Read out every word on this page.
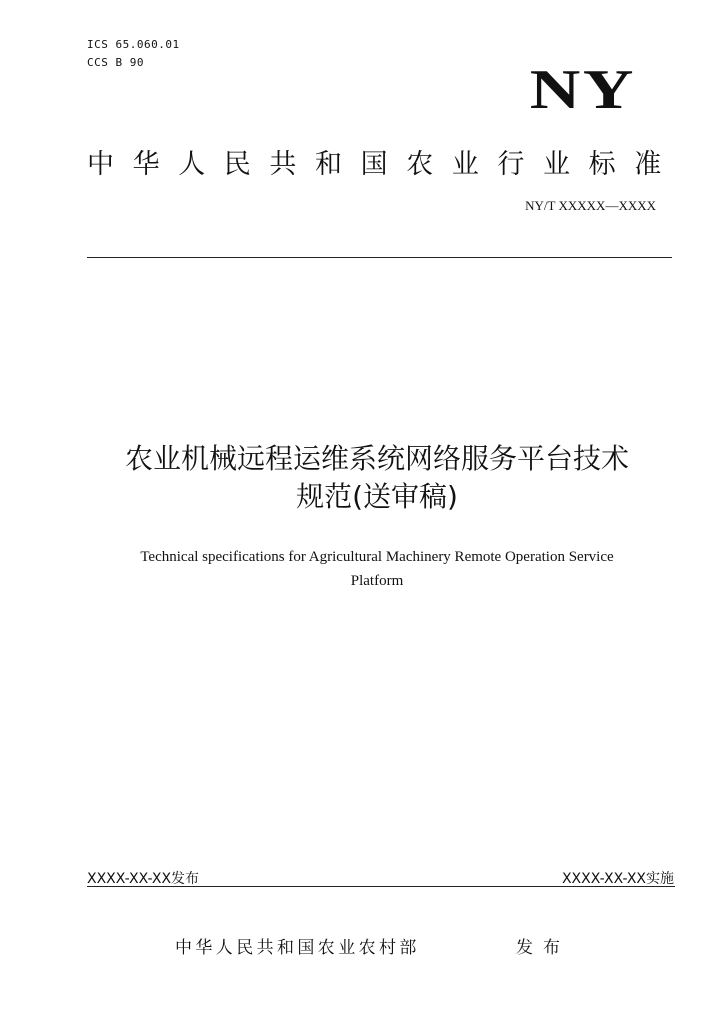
ICS 65.060.01
CCS B 90	NY
中华人民共和国农业行业标准
NY/T XXXXX—XXXX
农业机械远程运维系统网络服务平台技术
规范(送审稿)
Technical specifications for Agricultural Machinery Remote Operation Service
Platform
XXXX-XX-XX发布	XXXX-XX-XX实施
中华人民共和国农业农村部	发布
